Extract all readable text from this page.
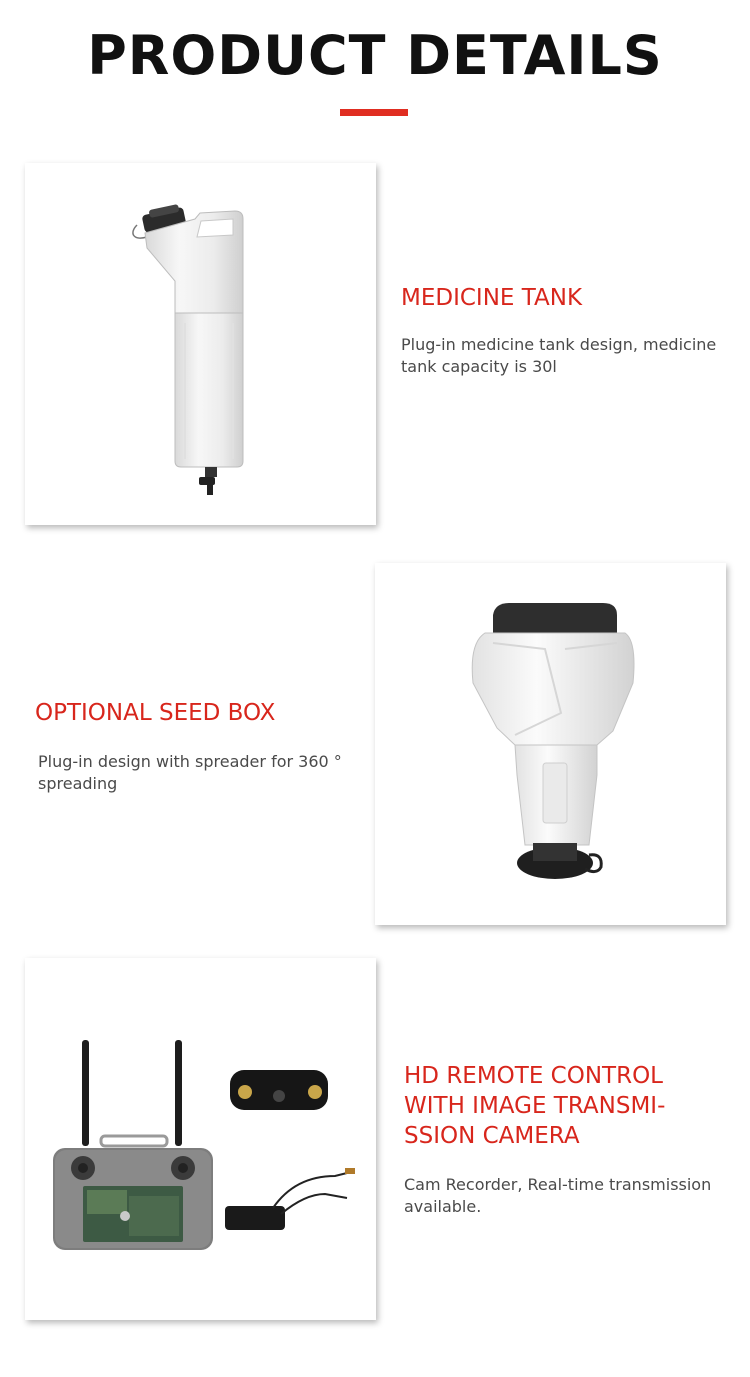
PRODUCT DETAILS
MEDICINE TANK
Plug-in medicine tank design, medicine tank capacity is 30l
OPTIONAL SEED BOX
Plug-in design with spreader for 360 ° spreading
HD REMOTE CONTROL WITH IMAGE TRANSMI-SSION CAMERA
Cam Recorder, Real-time transmission available.
